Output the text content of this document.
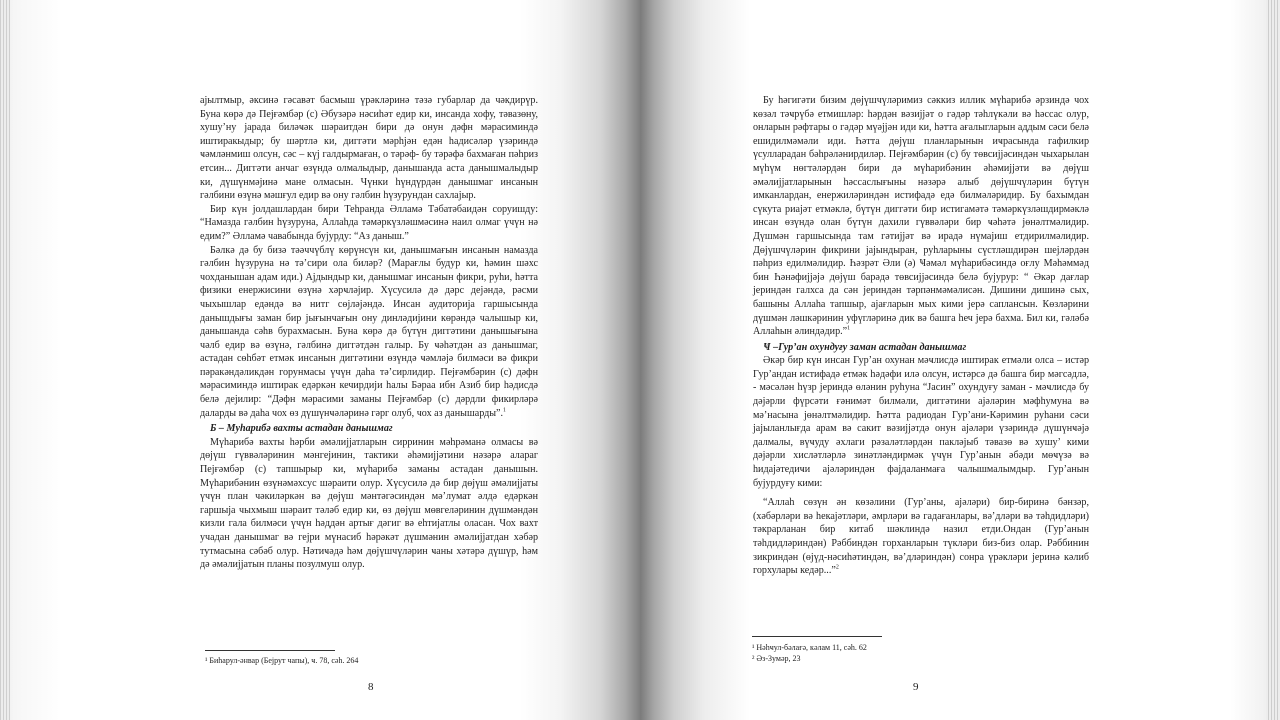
ајылтмыр, әксинә гәсавәт басмыш үрәкләринә тәзә губарлар да чәкдирүр. Буна көрә дә Пејғәмбәр (с) Әбузәрә нәсиһәт едир ки, инсанда хофу, тәвазөну, хушу’ну јарада биләҹәк шәраитдән бири дә онун дәфн мәрасиминдә иштиракыдыр; бу шәртлә ки, диггәти мәрһјән едән һадисәләр үзәриндә ҹәмләнмиш олсун, сәс – күј галдырмаған, о тәрәф- бу тәрәфә бахмаған пәһриз етсин... Диггәти анчаг өзүндә олмалыдыр, данышанда аста данышмалыдыр ки, дүшүнмәјинә мане олмасын. Чүнки һүндүрдән данышмаг инсанын гәлбини өзүнә мәшғул едир вә ону гәлбин һүзурундан сахлајыр.

Бир күн јолдашлардан бири Теһранда Әлламә Тәбатәбаидән соруишду: “Намазда гәлбин һүзуруна, Аллаһда тәмәркүзләшмәсинә наил олмаг үчүн нә едим?” Әлламә чавабында бујурду: “Аз даныш.”

Бәлкә дә бу бизә тәәччүблү көрүнсүн ки, данышмағын инсанын намазда гәлбин һүзуруна нә тә’сири ола биләр? (Марағлы будур ки, һәмин шәхс чохданышан адам иди.) Ајдындыр ки, данышмаг инсанын фикри, руһи, һәтта физики енержисини өзүнә хәрҹләјир. Хүсусилә дә дәрс дејәндә, рәсми чыхышлар едәндә вә нитг сөјләјәндә. Инсан аудиторија гаршысында данышдығы заман бир јығынчағын ону динләдијини көрәндә чалышыр ки, данышанда сәһв бурахмасын. Буна көрә дә бүтүн диггәтини данышығына чәлб едир вә өзүнә, гәлбинә диггәтдән галыр. Бу ҹәһәтдән аз данышмаг, астадан сөһбәт етмәк инсанын диггәтини өзүндә ҹәмләјә билмәси вә фикри пәракәндәликдән горунмасы үчүн даһа тә’сирлидир. Пејғәмбәрин (с) дәфн мәрасиминдә иштирак едәркән кечирдији һалы Бәраа ибн Азиб бир һәдисдә белә дејилир: “Дәфн мәрасими заманы Пејғәмбәр (с) дәрдли фикирләрә даларды вә даһа чох өз дүшүнҹәләринә гәрг олуб, чох аз данышарды”.$^1$

Б – Муһарибә вахты астадан данышмаг

Мүһарибә вахты һәрби әмәлијјатларын сирринин мәһрәманә олмасы вә дөјүш гүввәләринин мәнгејинин, тактики әһәмијјәтини нәзәрә алараг Пејғәмбәр (с) тапшырыр ки, мүһарибә заманы астадан данышын. Мүһарибәнин өзүнәмәхсус шәраити олур. Хүсусилә дә бир дөјүш әмәлијјаты үчүн план чәкиләркән вә дөјүш мәнтәгәсиндән мә’лумат әлдә едәркән гаршыја чыхмыш шәраит тәләб едир ки, өз дөјүш мөвгеләринин дүшмәндән кизли гала билмәси үчүн һәддән артығ дәгиг вә еһтијатлы оласан. Чох вахт учадан данышмаг вә гејри мүнасиб һәрәкәт дүшмәнин әмәлијјатдан хәбәр тутмасына сәбәб олур. Нәтиҹәдә һәм дөјүшчүләрин ҹаны хәтәрә дүшүр, һәм дә әмәлијјатын планы позулмуш олур.

¹ Биһарул-әнвар (Бејрут чапы), ҹ. 78, сәһ. 264
8

Бу һәгигәти бизим дөјүшчүләримиз сәккиз иллик мүһарибә әрзиндә чох көзәл тәҹрүбә етмишләр: һәрдән вәзијјәт о гәдәр тәһлүкәли вә һәссас олур, онларын рәфтары о гәдәр мүәјјән иди ки, һәтта ағалыгларын аддым сәси белә ешидилмәмәли иди. Һәтта дөјүш планларынын иҹрасында гафилкир үсулларадан бәһрәләнирдиләр. Пејғәмбәрин (с) бу төвсијјәсиндән чыхарылан мүһүм нөгтәләрдән бири дә мүһарибәнин әһәмијјәти вә дөјүш әмәлијјатларынын һәссаслығыны нәзәрә алыб дөјүшчүләрин бүтүн имканлардан, енержиләриндән истифадә едә билмәләридир. Бу бахымдан сүкута риајәт етмәклә, бүтүн диггәти бир истигамәтә тәмәркүзләшдирмәклә инсан өзүндә олан бүтүн дахили гүввәләри бир ҹәһәтә јөнәлтмәлидир. Дүшмән гаршысында там гәтијјәт вә ирадә нүмајиш етдирилмәлидир. Дөјүшчүләрин фикрини јајындыран, руһларыны сүстләшдирән шејләрдән пәһриз едилмәлидир. Һәзрәт Әли (ә) Ҹәмәл мүһарибәсиндә оғлу Мәһәммәд бин Һәнәфијјәјә дөјүш барәдә төвсијјәсиндә белә бујурур: “ Әкәр дағлар јериндән галхса да сән јериндән тәрпәнмәмәлисән. Дишини дишинә сых, башыны Аллаһа тапшыр, ајағларын мых кими јерә саплансын. Көзләрини дүшмән ләшкәринин уфүгләринә дик вә башга һеч јерә бахма. Бил ки, гәләбә Аллаһын әлиндәдир.”$^1$

Ҹ –Гур’ан охундуғу заман астадан данышмаг

Әкәр бир күн инсан Гур’ан охунан мәҹлисдә иштирак етмәли олса – истәр Гур’андан истифадә етмәк һәдәфи илә олсун, истәрсә дә башга бир мәгсәдлә, - мәсәлән һүзр јериндә өләнин руһуна “Јасин” охундуғу заман - мәҹлисдә бу дәјәрли фүрсәти ғәнимәт билмәли, диггәтини ајәләрин мәфһумуна вә мә’насына јөнәлтмәлидир. Һәтта радиодан Гур’ани-Кәримин руһани сәси јајыланлығда арам вә сакит вәзијјәтдә онун ајәләри үзәриндә дүшүнҹәјә далмалы, вүҹуду әхлаги рәзаләтләрдән пакләјыб тәвазө вә хушу’ кими дәјәрли хисләтләрлә зинәтләндирмәк үчүн Гур’анын әбәди мөҹүзә вә һидајәтедиҹи ајәләриндән фајдаланмаға чалышмалымдыр. Гур’анын бујурдуғу кими:

“Аллаһ сөзүн ән көзәлини (Гур’аны, ајәләри) бир-биринә бәнзәр, (хәбәрләри вә һекајәтләри, әмрләри вә гадағанлары, вә’дләри вә тәһдидләри) тәкрарланан бир китаб шәклиндә назил етди.Ондан (Гур’анын тәһдидләриндән) Рәббиндән горханларын түкләри биз-биз олар. Рәббинин зикриндән (өјүд-нәсиһәтиндән, вә’дләриндән) сонра үрәкләри јеринә кәлиб горхулары кедәр...”$^2$

¹ Нәһҹул-бәлағә, кәлам 11, сәһ. 62
² Әз-Зумәр, 23
9
